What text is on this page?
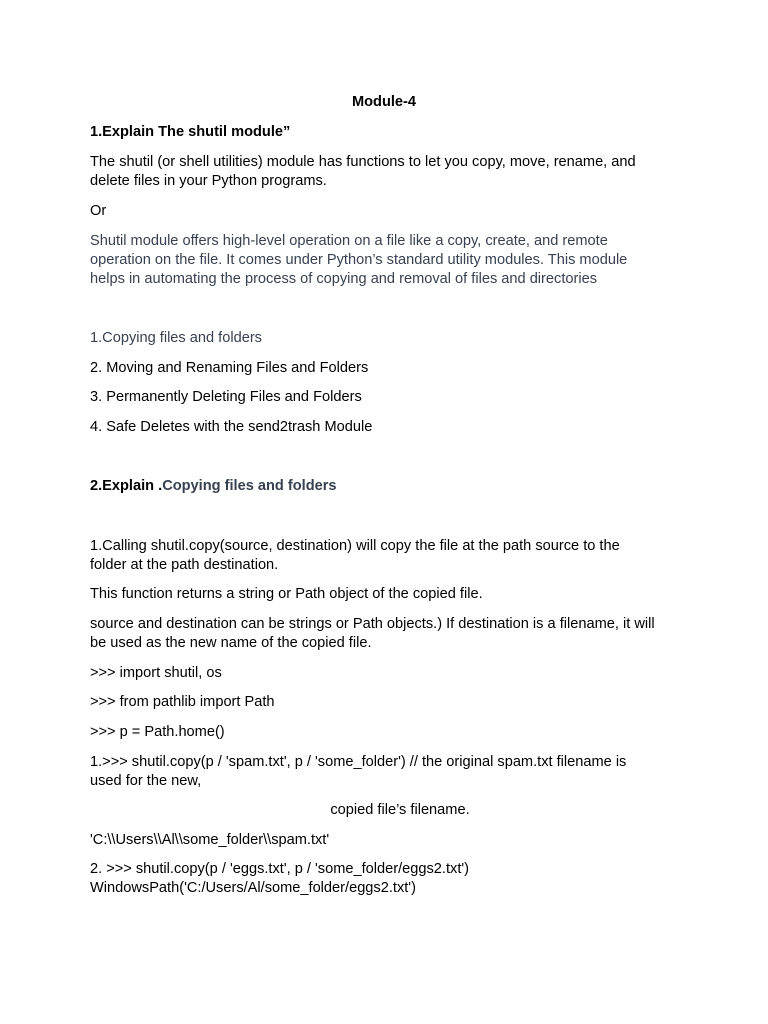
Module-4
1.Explain The shutil module”
The shutil (or shell utilities) module has functions to let you copy, move, rename, and
delete files in your Python programs.
Or
Shutil module offers high-level operation on a file like a copy, create, and remote
operation on the file. It comes under Python’s standard utility modules. This module
helps in automating the process of copying and removal of files and directories
1.Copying files and folders
2. Moving and Renaming Files and Folders
3. Permanently Deleting Files and Folders
4. Safe Deletes with the send2trash Module
2.Explain .Copying files and folders
1.Calling shutil.copy(source, destination) will copy the file at the path source to the
folder at the path destination.
This function returns a string or Path object of the copied file.
source and destination can be strings or Path objects.) If destination is a filename, it will
be used as the new name of the copied file.
>>> import shutil, os
>>> from pathlib import Path
>>> p = Path.home()
1.>>> shutil.copy(p / 'spam.txt', p / 'some_folder') // the original spam.txt filename is
used for the new,
copied file’s filename.
'C:\\Users\\Al\\some_folder\\spam.txt'
2. >>> shutil.copy(p / 'eggs.txt', p / 'some_folder/eggs2.txt')
WindowsPath('C:/Users/Al/some_folder/eggs2.txt')
